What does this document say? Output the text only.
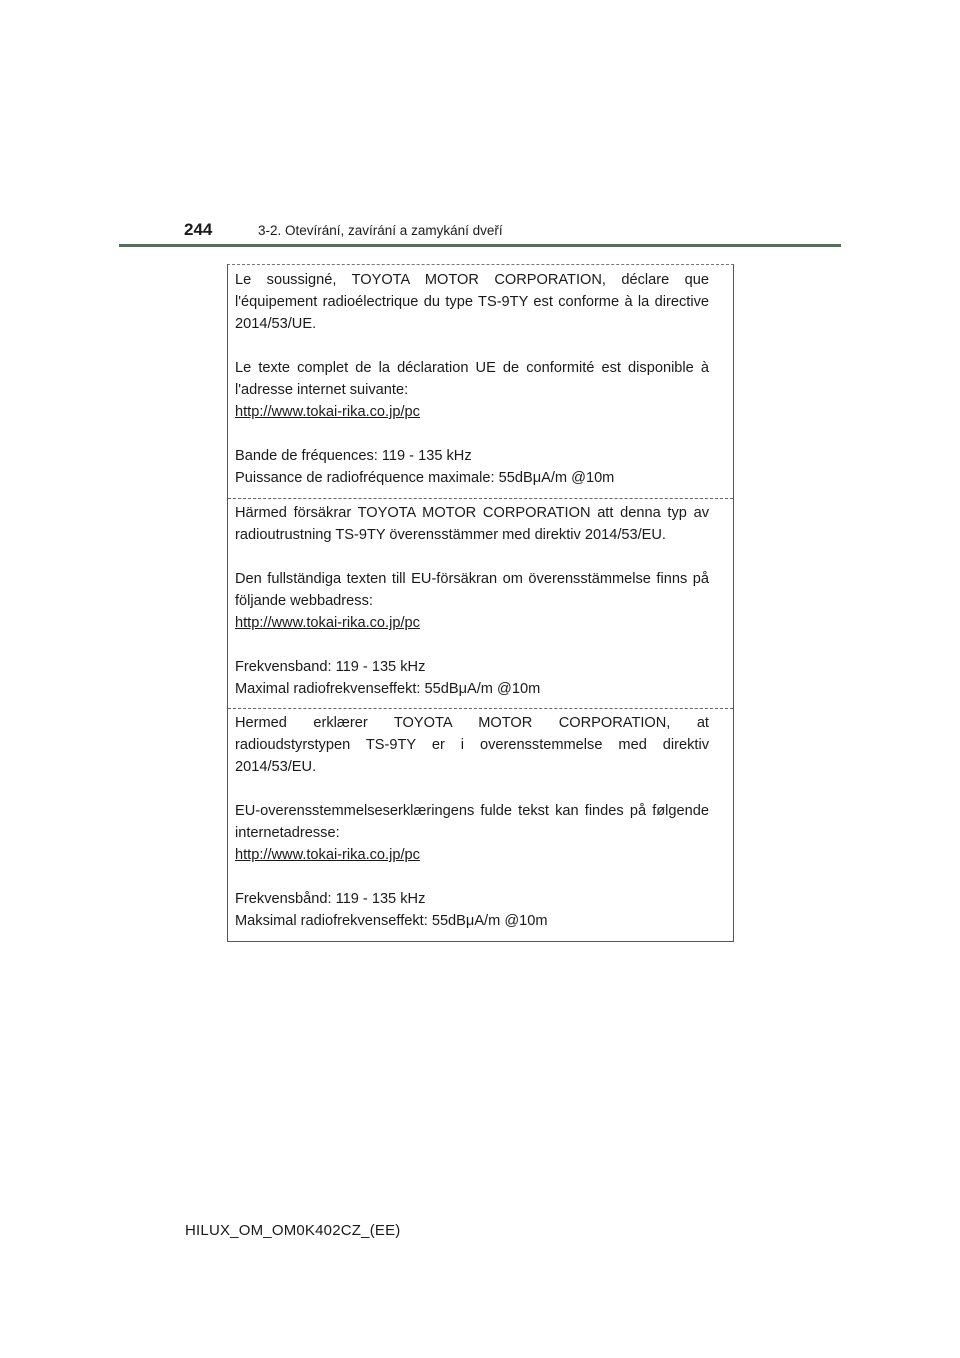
244	3-2. Otevírání, zavírání a zamykání dveří

Le soussigné, TOYOTA MOTOR CORPORATION, déclare que l'équipement radioélectrique du type TS-9TY est conforme à la directive 2014/53/UE.

Le texte complet de la déclaration UE de conformité est disponible à l'adresse internet suivante:

http://www.tokai-rika.co.jp/pc

Bande de fréquences: 119 - 135 kHz

Puissance de radiofréquence maximale: 55dBμA/m @10m

Härmed försäkrar TOYOTA MOTOR CORPORATION att denna typ av radioutrustning TS-9TY överensstämmer med direktiv 2014/53/EU.

Den fullständiga texten till EU-försäkran om överensstämmelse finns på följande webbadress:

http://www.tokai-rika.co.jp/pc

Frekvensband: 119 - 135 kHz

Maximal radiofrekvenseffekt: 55dBμA/m @10m

Hermed erklærer TOYOTA MOTOR CORPORATION, at radioudstyrstypen TS-9TY er i overensstemmelse med direktiv 2014/53/EU.

EU-overensstemmelseserklæringens fulde tekst kan findes på følgende internetadresse:

http://www.tokai-rika.co.jp/pc

Frekvensbånd: 119 - 135 kHz

Maksimal radiofrekvenseffekt: 55dBμA/m @10m

HILUX_OM_OM0K402CZ_(EE)
